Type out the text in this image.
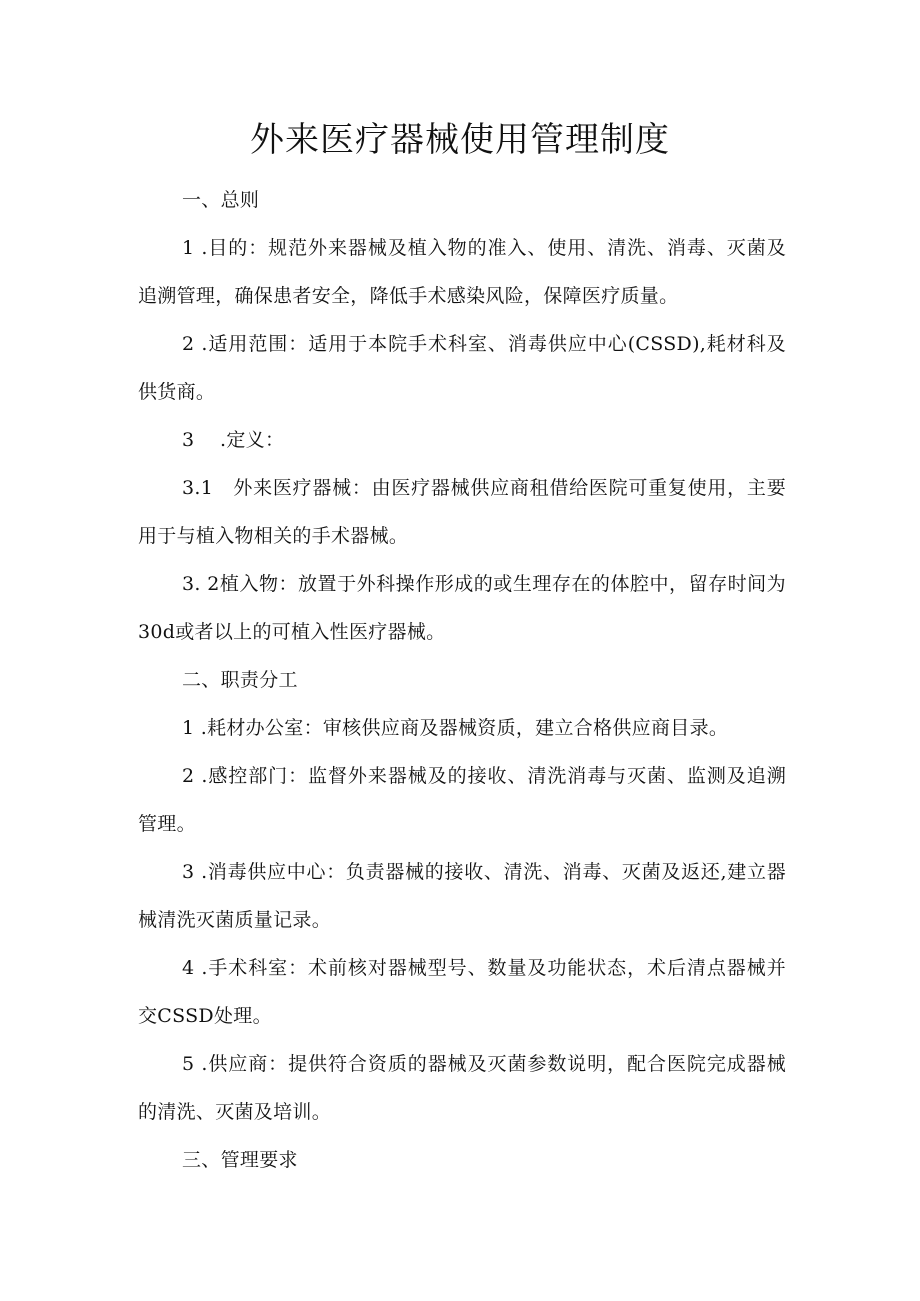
外来医疗器械使用管理制度

一、总则

1 .目的：规范外来器械及植入物的准入、使用、清洗、消毒、灭菌及追溯管理，确保患者安全，降低手术感染风险，保障医疗质量。

2 .适用范围：适用于本院手术科室、消毒供应中心(CSSD),耗材科及供货商。

3　 .定义：

3.1　外来医疗器械：由医疗器械供应商租借给医院可重复使用，主要用于与植入物相关的手术器械。

3. 2植入物：放置于外科操作形成的或生理存在的体腔中，留存时间为30d或者以上的可植入性医疗器械。

二、职责分工

1 .耗材办公室：审核供应商及器械资质，建立合格供应商目录。

2 .感控部门：监督外来器械及的接收、清洗消毒与灭菌、监测及追溯管理。

3 .消毒供应中心：负责器械的接收、清洗、消毒、灭菌及返还,建立器械清洗灭菌质量记录。

4 .手术科室：术前核对器械型号、数量及功能状态，术后清点器械并交CSSD处理。

5 .供应商：提供符合资质的器械及灭菌参数说明，配合医院完成器械的清洗、灭菌及培训。

三、管理要求
